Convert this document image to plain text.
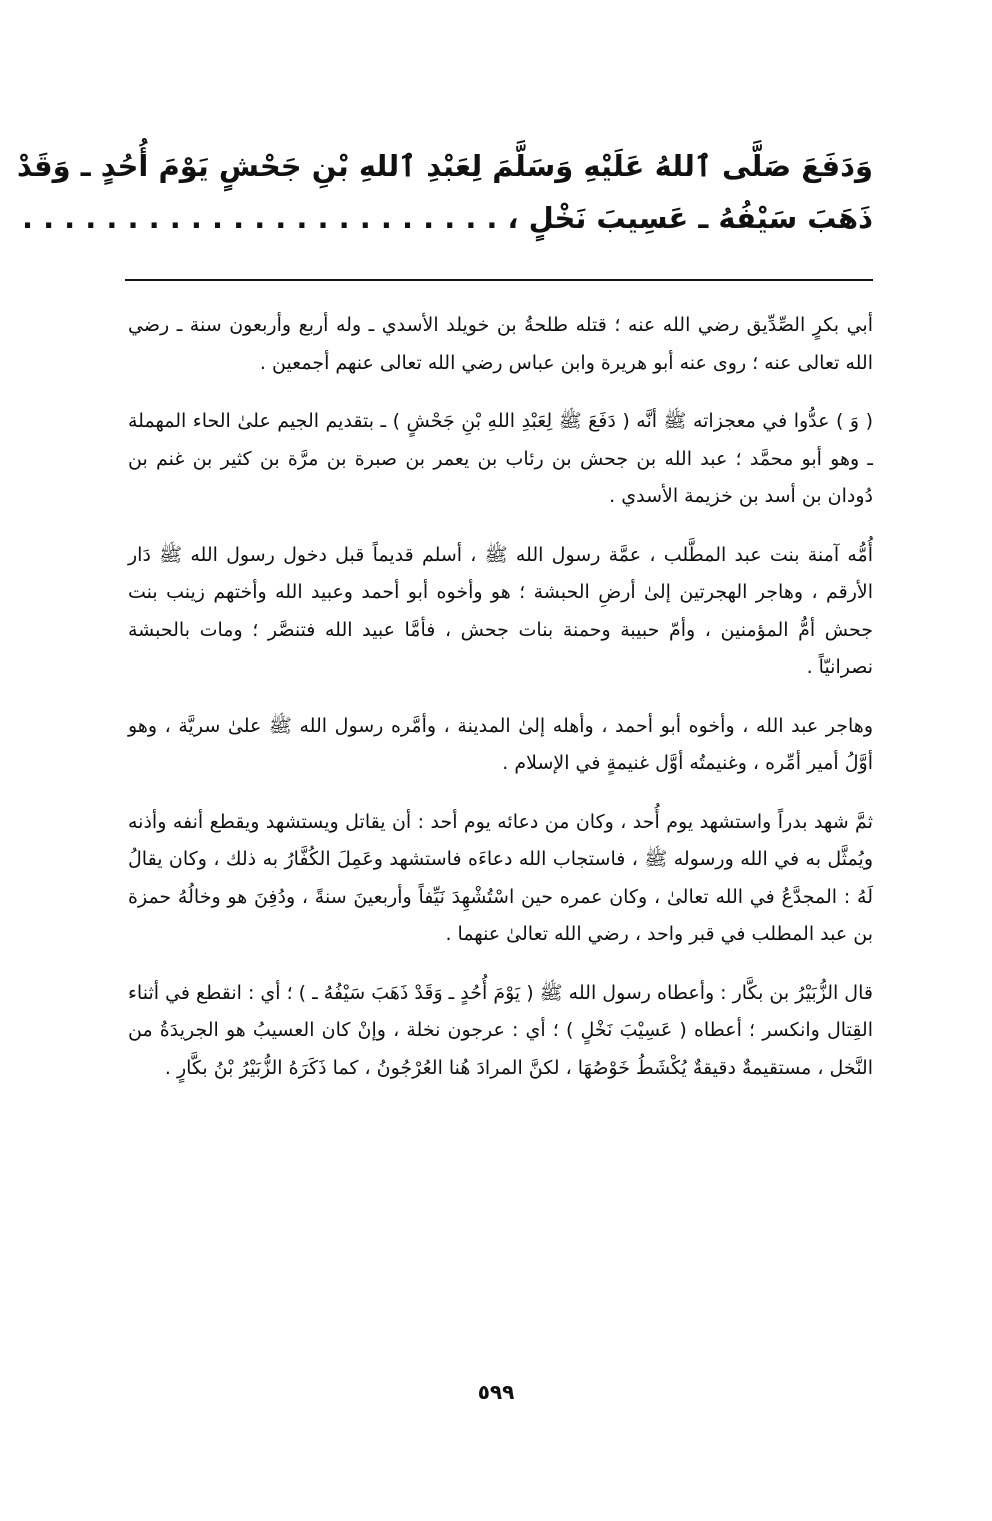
وَدَفَعَ صَلَّى ٱللهُ عَلَيْهِ وَسَلَّمَ لِعَبْدِ ٱللهِ بْنِ جَحْشٍ يَوْمَ أُحُدٍ ـ وَقَدْ
ذَهَبَ سَيْفُهُ ـ عَسِيبَ نَخْلٍ ، . . . . . . . . . . . . . . . . . . . . . . .

أبي بكرٍ الصِّدِّيق رضي الله عنه ؛ قتله طلحةُ بن خويلد الأسدي ـ وله أربع وأربعون سنة ـ رضي الله تعالى عنه ؛ روى عنه أبو هريرة وابن عباس رضي الله تعالى عنهم أجمعين .

( وَ ) عدُّوا في معجزاته ﷺ أنَّه ( دَفَعَ ﷺ لِعَبْدِ اللهِ بْنِ جَحْشٍ ) ـ بتقديم الجيم علىٰ الحاء المهملة ـ وهو أبو محمَّد ؛ عبد الله بن جحش بن رئاب بن يعمر بن صبرة بن مرَّة بن كثير بن غنم بن دُودان بن أسد بن خزيمة الأسدي .

أُمُّه آمنة بنت عبد المطَّلب ، عمَّة رسول الله ﷺ ، أسلم قديماً قبل دخول رسول الله ﷺ دَار الأرقم ، وهاجر الهجرتين إلىٰ أرضِ الحبشة ؛ هو وأخوه أبو أحمد وعبيد الله وأختهم زينب بنت جحش أمُّ المؤمنين ، وأمّ حبيبة وحمنة بنات جحش ، فأمَّا عبيد الله فتنصَّر ؛ ومات بالحبشة نصرانيّاً .

وهاجر عبد الله ، وأخوه أبو أحمد ، وأهله إلىٰ المدينة ، وأمَّره رسول الله ﷺ علىٰ سريَّة ، وهو أوَّلُ أمير أمِّره ، وغنيمتُه أوَّل غنيمةٍ في الإسلام .

ثمَّ شهد بدراً واستشهد يوم أُحد ، وكان من دعائه يوم أحد : أن يقاتل ويستشهد ويقطع أنفه وأذنه ويُمثَّل به في الله ورسوله ﷺ ، فاستجاب الله دعاءَه فاستشهد وعَمِلَ الكُفَّارُ به ذلك ، وكان يقالُ لَهُ : المجدَّعُ في الله تعالىٰ ، وكان عمره حين اسْتُشْهِدَ نَيِّفاً وأربعينَ سنةً ، ودُفِنَ هو وخالُهُ حمزة بن عبد المطلب في قبر واحد ، رضي الله تعالىٰ عنهما .

قال الزُّبَيْرُ بن بكَّار : وأعطاه رسول الله ﷺ ( يَوْمَ أُحُدٍ ـ وَقَدْ ذَهَبَ سَيْفُهُ ـ ) ؛ أي : انقطع في أثناء القِتال وانكسر ؛ أعطاه ( عَسِيْبَ نَخْلٍ ) ؛ أي : عرجون نخلة ، وإنْ كان العسيبُ هو الجريدَةُ من النَّخل ، مستقيمةٌ دقيقةٌ يُكْشَطُ خَوْصُهَا ، لكنَّ المرادَ هُنا العُرْجُونُ ، كما ذَكَرَهُ الزُّبَيْرُ بْنُ بكَّارٍ .

٥٩٩
